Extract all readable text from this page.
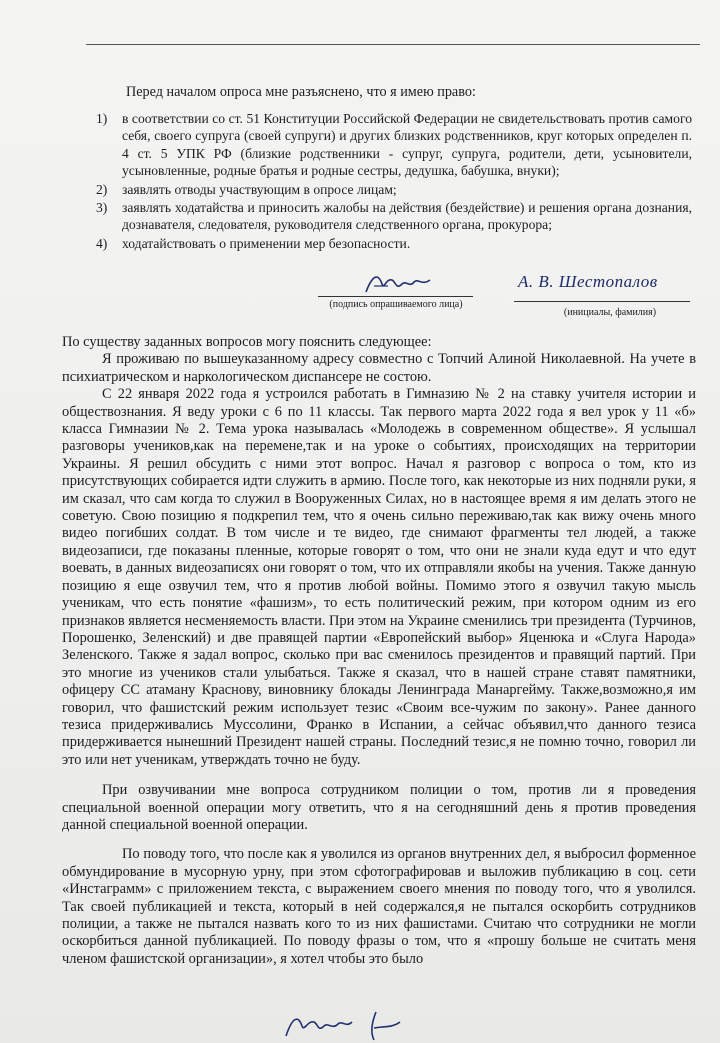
Перед началом опроса мне разъяснено, что я имею право:
1) в соответствии со ст. 51 Конституции Российской Федерации не свидетельствовать против самого себя, своего супруга (своей супруги) и других близких родственников, круг которых определен п. 4 ст. 5 УПК РФ (близкие родственники - супруг, супруга, родители, дети, усыновители, усыновленные, родные братья и родные сестры, дедушка, бабушка, внуки);
2) заявлять отводы участвующим в опросе лицам;
3) заявлять ходатайства и приносить жалобы на действия (бездействие) и решения органа дознания, дознавателя, следователя, руководителя следственного органа, прокурора;
4) ходатайствовать о применении мер безопасности.
(подпись опрашиваемого лица)
А. В. Шестопалов
(инициалы, фамилия)

По существу заданных вопросов могу пояснить следующее:

Я проживаю по вышеуказанному адресу совместно с Топчий Алиной Николаевной. На учете в психиатрическом и наркологическом диспансере не состою.

С 22 января 2022 года я устроился работать в Гимназию № 2 на ставку учителя истории и обществознания. Я веду уроки с 6 по 11 классы. Так первого марта 2022 года я вел урок у 11 «б» класса Гимназии № 2. Тема урока называлась «Молодежь в современном обществе». Я услышал разговоры учеников,как на перемене,так и на уроке о событиях, происходящих на территории Украины. Я решил обсудить с ними этот вопрос. Начал я разговор с вопроса о том, кто из присутствующих собирается идти служить в армию. После того, как некоторые из них подняли руки, я им сказал, что сам когда то служил в Вооруженных Силах, но в настоящее время я им делать этого не советую. Свою позицию я подкрепил тем, что я очень сильно переживаю,так как вижу очень много видео погибших солдат. В том числе и те видео, где снимают фрагменты тел людей, а также видеозаписи, где показаны пленные, которые говорят о том, что они не знали куда едут и что едут воевать, в данных видеозаписях они говорят о том, что их отправляли якобы на учения. Также данную позицию я еще озвучил тем, что я против любой войны. Помимо этого я озвучил такую мысль ученикам, что есть понятие «фашизм», то есть политический режим, при котором одним из его признаков является несменяемость власти. При этом на Украине сменились три президента (Турчинов, Порошенко, Зеленский) и две правящей партии «Европейский выбор» Яценюка и «Слуга Народа» Зеленского. Также я задал вопрос, сколько при вас сменилось президентов и правящий партий. При это многие из учеников стали улыбаться. Также я сказал, что в нашей стране ставят памятники, офицеру СС атаману Краснову, виновнику блокады Ленинграда Манаргейму. Также,возможно,я им говорил, что фашистский режим использует тезис «Своим все-чужим по закону». Ранее данного тезиса придерживались Муссолини, Франко в Испании, а сейчас объявил,что данного тезиса придерживается нынешний Президент нашей страны. Последний тезис,я не помню точно, говорил ли это или нет ученикам, утверждать точно не буду.

При озвучивании мне вопроса сотрудником полиции о том, против ли я проведения специальной военной операции могу ответить, что я на сегодняшний день я против проведения данной специальной военной операции.

По поводу того, что после как я уволился из органов внутренних дел, я выбросил форменное обмундирование в мусорную урну, при этом сфотографировав и выложив публикацию в соц. сети «Инстаграмм» с приложением текста, с выражением своего мнения по поводу того, что я уволился. Так своей публикацией и текста, который в ней содержался,я не пытался оскорбить сотрудников полиции, а также не пытался назвать кого то из них фашистами. Считаю что сотрудники не могли оскорбиться данной публикацией. По поводу фразы о том, что я «прошу больше не считать меня членом фашистской организации», я хотел чтобы это было
